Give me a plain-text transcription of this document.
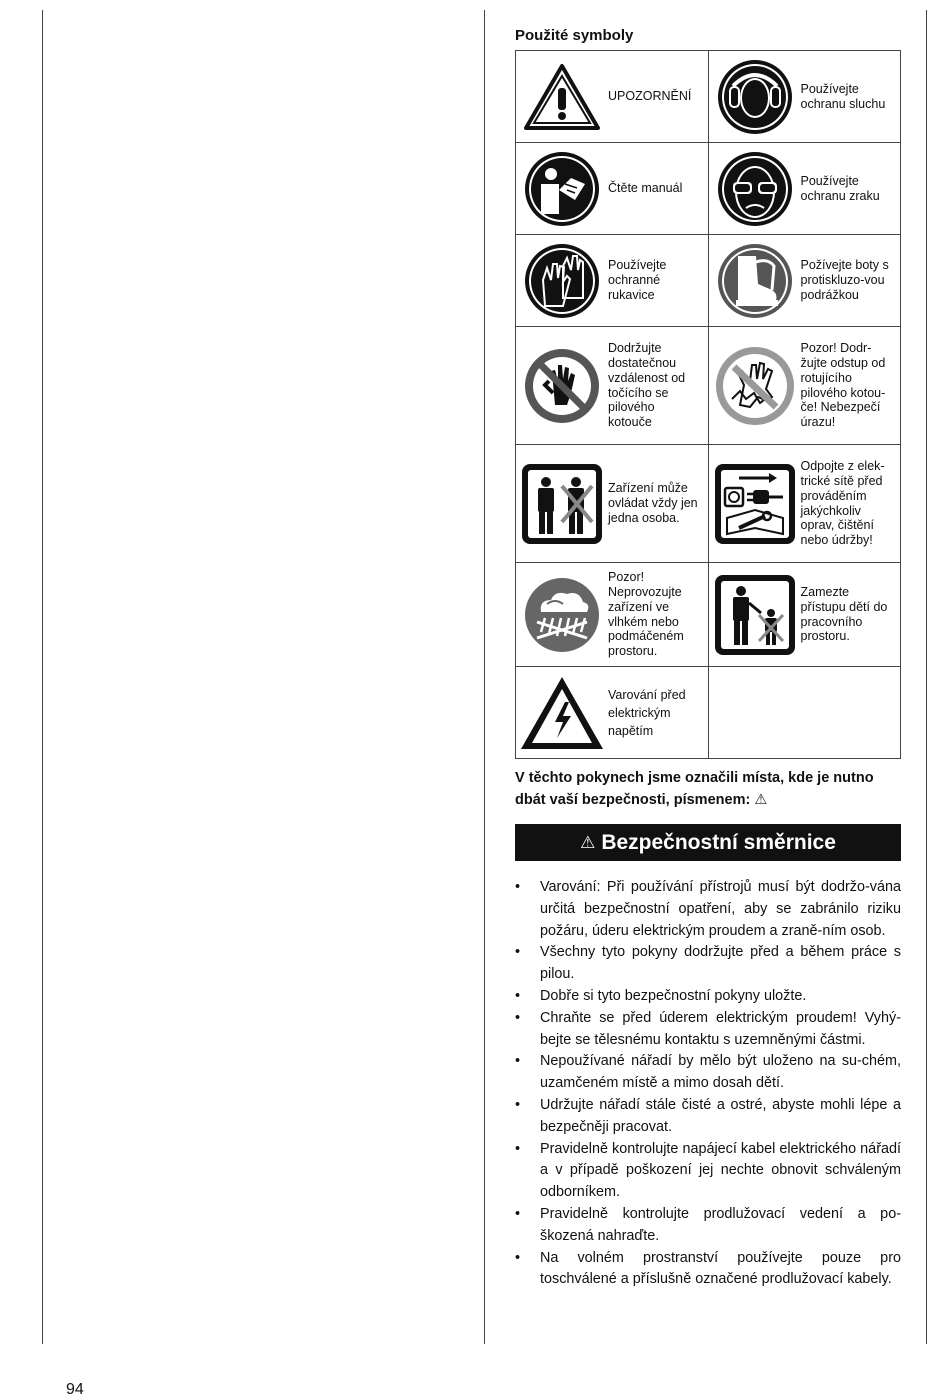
Použité symboly
UPOZORNĚNÍ	Používejte ochranu sluchu

Čtěte manuál	Používejte ochranu zraku

Používejte ochranné rukavice	Požívejte boty s protiskluzo-vou podrážkou

Dodržujte dostatečnou vzdálenost od točícího se pilového kotouče	Pozor! Dodr-žujte odstup od rotujícího pilového kotou-če! Nebezpečí úrazu!

Zařízení může ovládat vždy jen jedna osoba.	Odpojte z elek-trické sítě před prováděním jakýchkoliv oprav, čištění nebo údržby!

Pozor! Neprovozujte zařízení ve vlhkém nebo podmáčeném prostoru.	Zamezte přístupu dětí do pracovního prostoru.

Varování před elektrickým napětím	

V těchto pokynech jsme označili místa, kde je nutno dbát vaší bezpečnosti, písmenem: ⚠
⚠ Bezpečnostní směrnice
• Varování: Při používání přístrojů musí být dodržo-vána určitá bezpečnostní opatření, aby se zabránilo riziku požáru, úderu elektrickým proudem a zraně-ním osob.
• Všechny tyto pokyny dodržujte před a během práce s pilou.
• Dobře si tyto bezpečnostní pokyny uložte.
• Chraňte se před úderem elektrickým proudem! Vyhý-bejte se tělesnému kontaktu s uzemněnými částmi.
• Nepoužívané nářadí by mělo být uloženo na su-chém, uzamčeném místě a mimo dosah dětí.
• Udržujte nářadí stále čisté a ostré, abyste mohli lépe a bezpečněji pracovat.
• Pravidelně kontrolujte napájecí kabel elektrického nářadí a v případě poškození jej nechte obnovit schváleným odborníkem.
• Pravidelně kontrolujte prodlužovací vedení a po-škozená nahraďte.
• Na volném prostranství používejte pouze pro toschválené a příslušně označené prodlužovací kabely.
94
